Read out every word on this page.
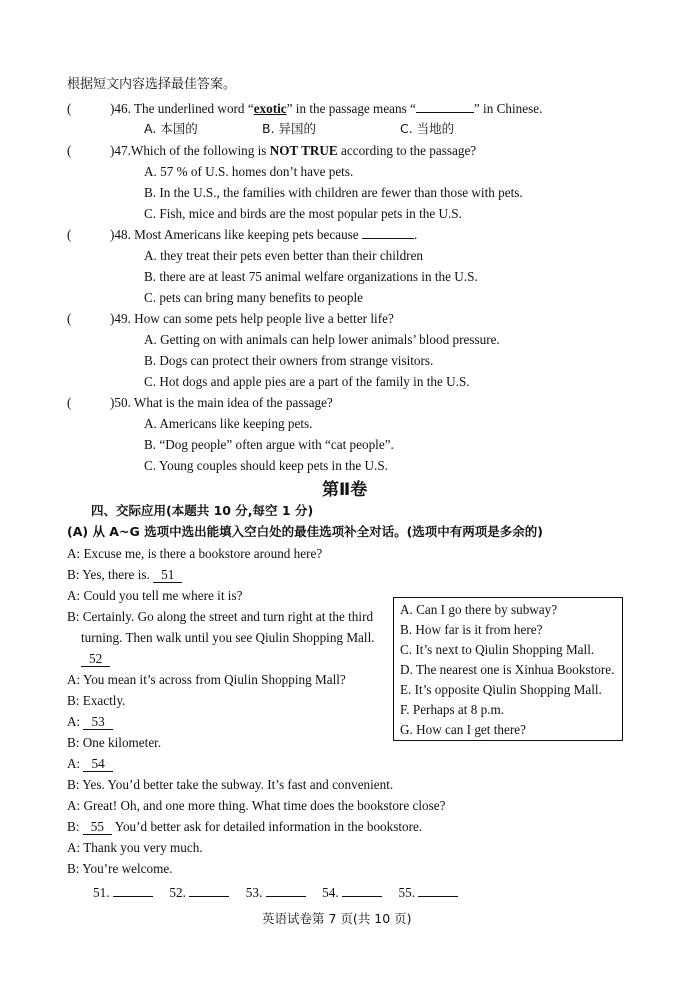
根据短文内容选择最佳答案。
(	)46. The underlined word “exotic” in the passage means “	” in Chinese.
A. 本国的	B. 异国的	C. 当地的
(	)47.Which of the following is NOT TRUE according to the passage?
A. 57 % of U.S. homes don’t have pets.
B. In the U.S., the families with children are fewer than those with pets.
C. Fish, mice and birds are the most popular pets in the U.S.
(	)48. Most Americans like keeping pets because	.
A. they treat their pets even better than their children
B. there are at least 75 animal welfare organizations in the U.S.
C. pets can bring many benefits to people
(	)49. How can some pets help people live a better life?
A. Getting on with animals can help lower animals’ blood pressure.
B. Dogs can protect their owners from strange visitors.
C. Hot dogs and apple pies are a part of the family in the U.S.
(	)50. What is the main idea of the passage?
A. Americans like keeping pets.
B. “Dog people” often argue with “cat people”.
C. Young couples should keep pets in the U.S.
第Ⅱ卷
四、交际应用(本题共 10 分,每空 1 分)
(A) 从 A~G 选项中选出能填入空白处的最佳选项补全对话。(选项中有两项是多余的)
A: Excuse me, is there a bookstore around here?
B: Yes, there is. 51
A: Could you tell me where it is?
B: Certainly. Go along the street and turn right at the third
turning. Then walk until you see Qiulin Shopping Mall.
52
A: You mean it’s across from Qiulin Shopping Mall?
B: Exactly.
A: 53
B: One kilometer.
A: 54
B: Yes. You’d better take the subway. It’s fast and convenient.
A: Great! Oh, and one more thing. What time does the bookstore close?
B: 55 You’d better ask for detailed information in the bookstore.
A: Thank you very much.
B: You’re welcome.
A. Can I go there by subway?
B. How far is it from here?
C. It’s next to Qiulin Shopping Mall.
D. The nearest one is Xinhua Bookstore.
E. It’s opposite Qiulin Shopping Mall.
F. Perhaps at 8 p.m.
G. How can I get there?
51.	52.	53.	54.	55.
英语试卷第 7 页(共 10 页)
